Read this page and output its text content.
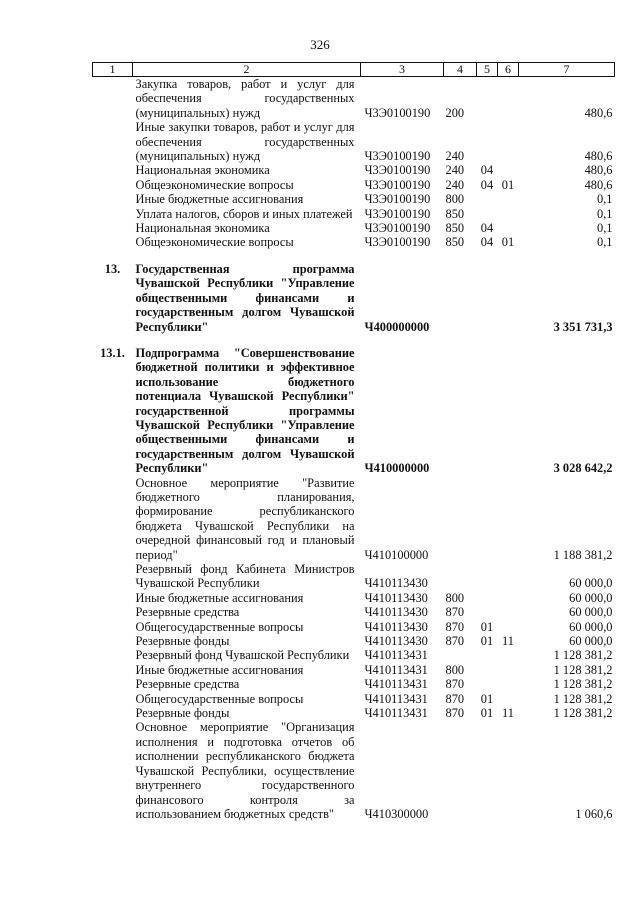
326
1	2	3	4	5	6	7
	Закупка товаров, работ и услуг для обеспечения государственных (муниципальных) нужд	Ч3Э0100190	200			480,6
	Иные закупки товаров, работ и услуг для обеспечения государственных (муниципальных) нужд	Ч3Э0100190	240			480,6
	Национальная экономика	Ч3Э0100190	240	04		480,6
	Общеэкономические вопросы	Ч3Э0100190	240	04	01	480,6
	Иные бюджетные ассигнования	Ч3Э0100190	800			0,1
	Уплата налогов, сборов и иных платежей	Ч3Э0100190	850			0,1
	Национальная экономика	Ч3Э0100190	850	04		0,1
	Общеэкономические вопросы	Ч3Э0100190	850	04	01	0,1

13.	Государственная программа Чувашской Республики "Управление общественными финансами и государственным долгом Чувашской Республики"	Ч400000000				3 351 731,3

13.1.	Подпрограмма "Совершенствование бюджетной политики и эффективное использование бюджетного потенциала Чувашской Республики" государственной программы Чувашской Республики "Управление общественными финансами и государственным долгом Чувашской Республики"	Ч410000000				3 028 642,2
	Основное мероприятие "Развитие бюджетного планирования, формирование республиканского бюджета Чувашской Республики на очередной финансовый год и плановый период"	Ч410100000				1 188 381,2
	Резервный фонд Кабинета Министров Чувашской Республики	Ч410113430				60 000,0
	Иные бюджетные ассигнования	Ч410113430	800			60 000,0
	Резервные средства	Ч410113430	870			60 000,0
	Общегосударственные вопросы	Ч410113430	870	01		60 000,0
	Резервные фонды	Ч410113430	870	01	11	60 000,0
	Резервный фонд Чувашской Республики	Ч410113431				1 128 381,2
	Иные бюджетные ассигнования	Ч410113431	800			1 128 381,2
	Резервные средства	Ч410113431	870			1 128 381,2
	Общегосударственные вопросы	Ч410113431	870	01		1 128 381,2
	Резервные фонды	Ч410113431	870	01	11	1 128 381,2
	Основное мероприятие "Организация исполнения и подготовка отчетов об исполнении республиканского бюджета Чувашской Республики, осуществление внутреннего государственного финансового контроля за использованием бюджетных средств"	Ч410300000				1 060,6
